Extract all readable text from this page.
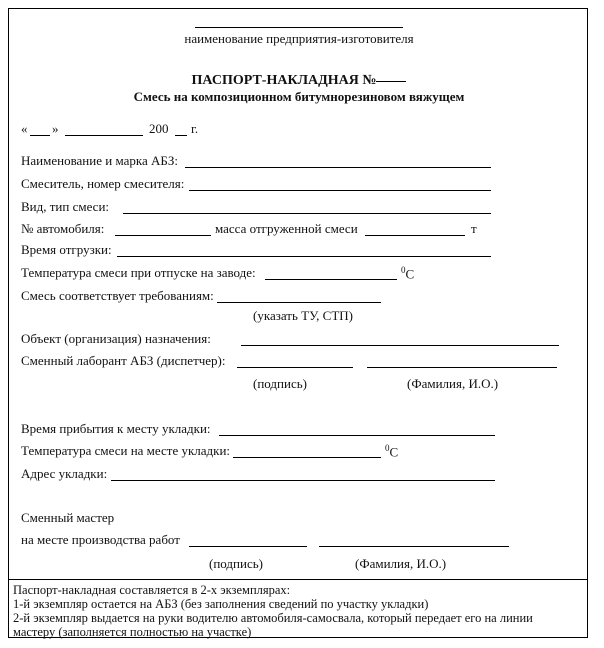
наименование предприятия-изготовителя
ПАСПОРТ-НАКЛАДНАЯ №
Смесь на композиционном битумнорезиновом вяжущем
« »	200 г.
Наименование и марка АБЗ:
Смеситель, номер смесителя:
Вид, тип смеси:
№ автомобиля:	масса отгруженной смеси	т
Время отгрузки:
Температура смеси при отпуске на заводе:	$^0$С
Смесь соответствует требованиям:
(указать ТУ, СТП)
Объект (организация) назначения:
Сменный лаборант АБЗ (диспетчер):
(подпись)	(Фамилия, И.О.)
Время прибытия к месту укладки:
Температура смеси на месте укладки:	$^0$С
Адрес укладки:
Сменный мастер
на месте производства работ
(подпись)	(Фамилия, И.О.)
Паспорт-накладная составляется в 2-х экземплярах:
1-й экземпляр остается на АБЗ (без заполнения сведений по участку укладки)
2-й экземпляр выдается на руки водителю автомобиля-самосвала, который передает его на линии
мастеру (заполняется полностью на участке)
